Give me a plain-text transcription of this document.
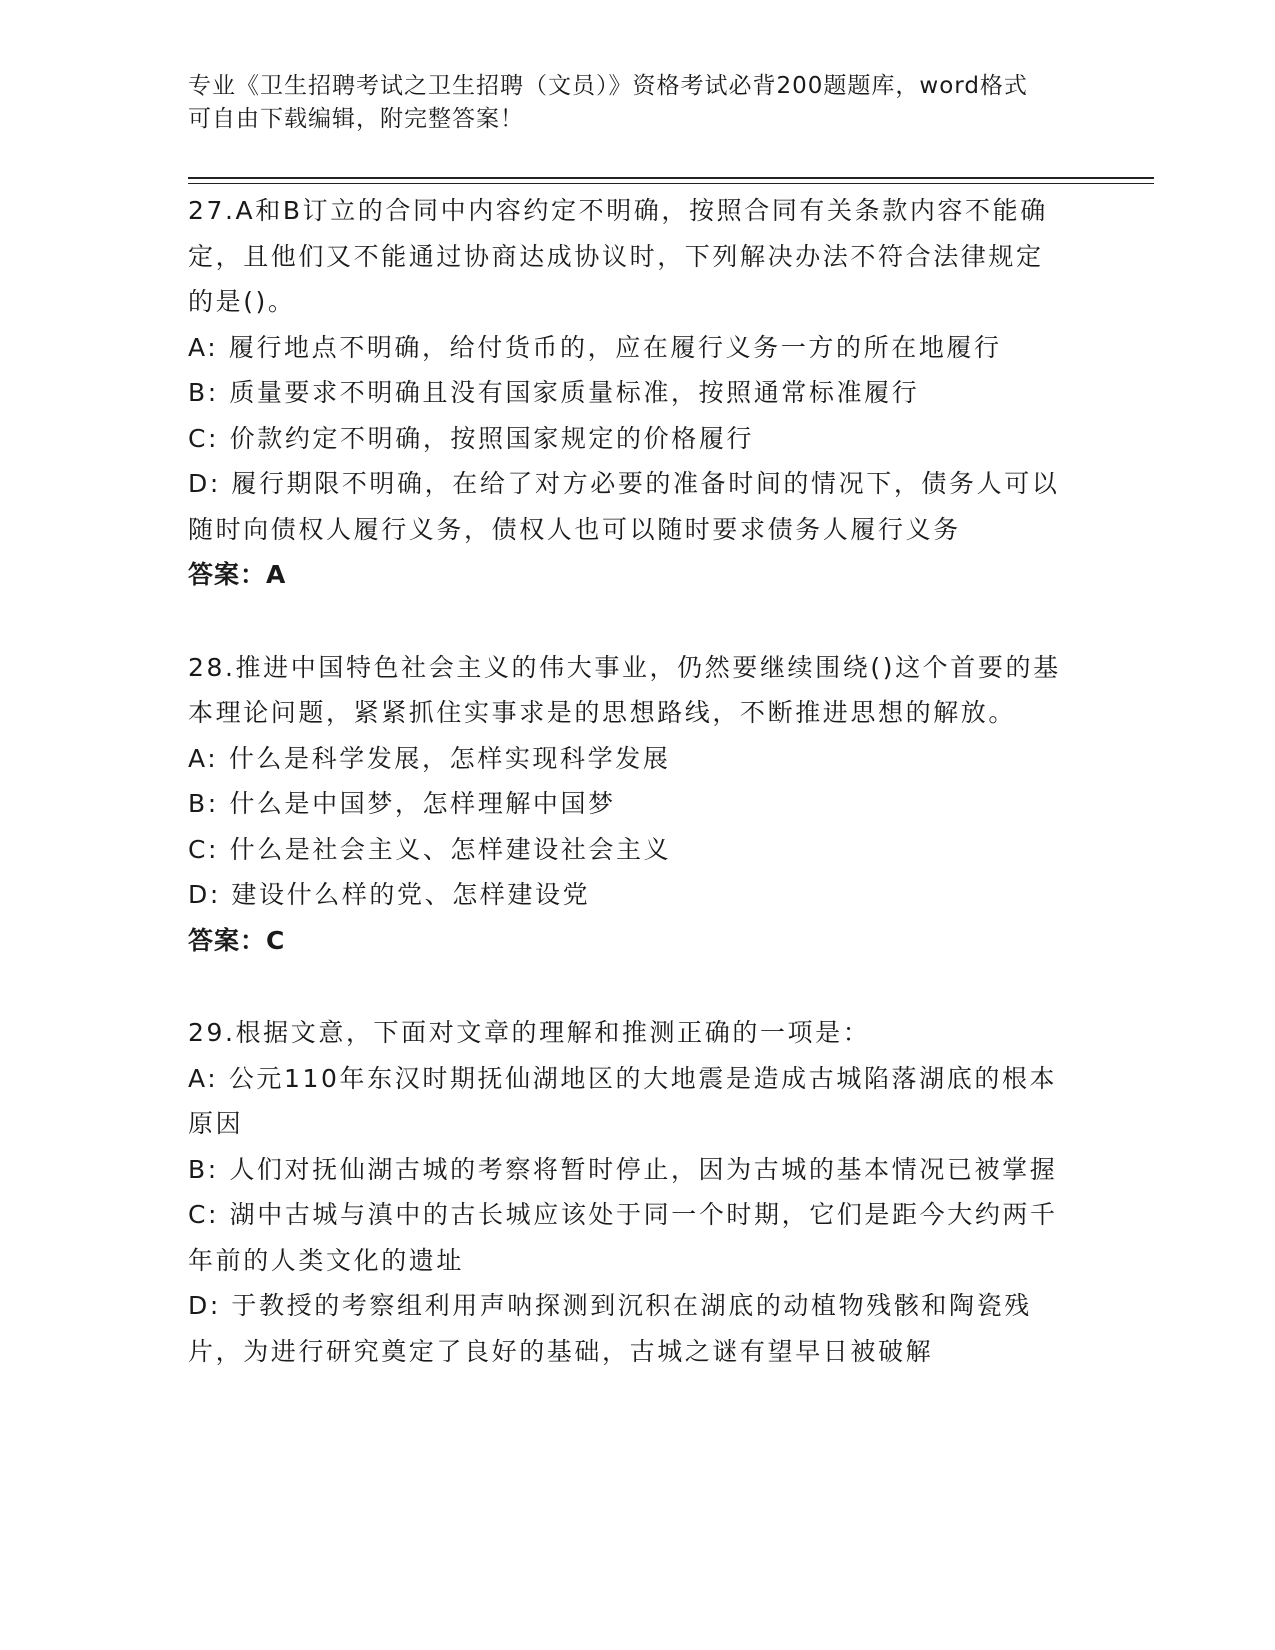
专业《卫生招聘考试之卫生招聘（文员）》资格考试必背200题题库，word格式
可自由下载编辑，附完整答案！
27.A和B订立的合同中内容约定不明确，按照合同有关条款内容不能确定，且他们又不能通过协商达成协议时，下列解决办法不符合法律规定的是()。
A: 履行地点不明确，给付货币的，应在履行义务一方的所在地履行
B: 质量要求不明确且没有国家质量标准，按照通常标准履行
C: 价款约定不明确，按照国家规定的价格履行
D: 履行期限不明确，在给了对方必要的准备时间的情况下，债务人可以随时向债权人履行义务，债权人也可以随时要求债务人履行义务
答案：A
28.推进中国特色社会主义的伟大事业，仍然要继续围绕()这个首要的基本理论问题，紧紧抓住实事求是的思想路线，不断推进思想的解放。
A: 什么是科学发展，怎样实现科学发展
B: 什么是中国梦，怎样理解中国梦
C: 什么是社会主义、怎样建设社会主义
D: 建设什么样的党、怎样建设党
答案：C
29.根据文意，下面对文章的理解和推测正确的一项是：
A: 公元110年东汉时期抚仙湖地区的大地震是造成古城陷落湖底的根本原因
B: 人们对抚仙湖古城的考察将暂时停止，因为古城的基本情况已被掌握
C: 湖中古城与滇中的古长城应该处于同一个时期，它们是距今大约两千年前的人类文化的遗址
D: 于教授的考察组利用声呐探测到沉积在湖底的动植物残骸和陶瓷残片，为进行研究奠定了良好的基础，古城之谜有望早日被破解
